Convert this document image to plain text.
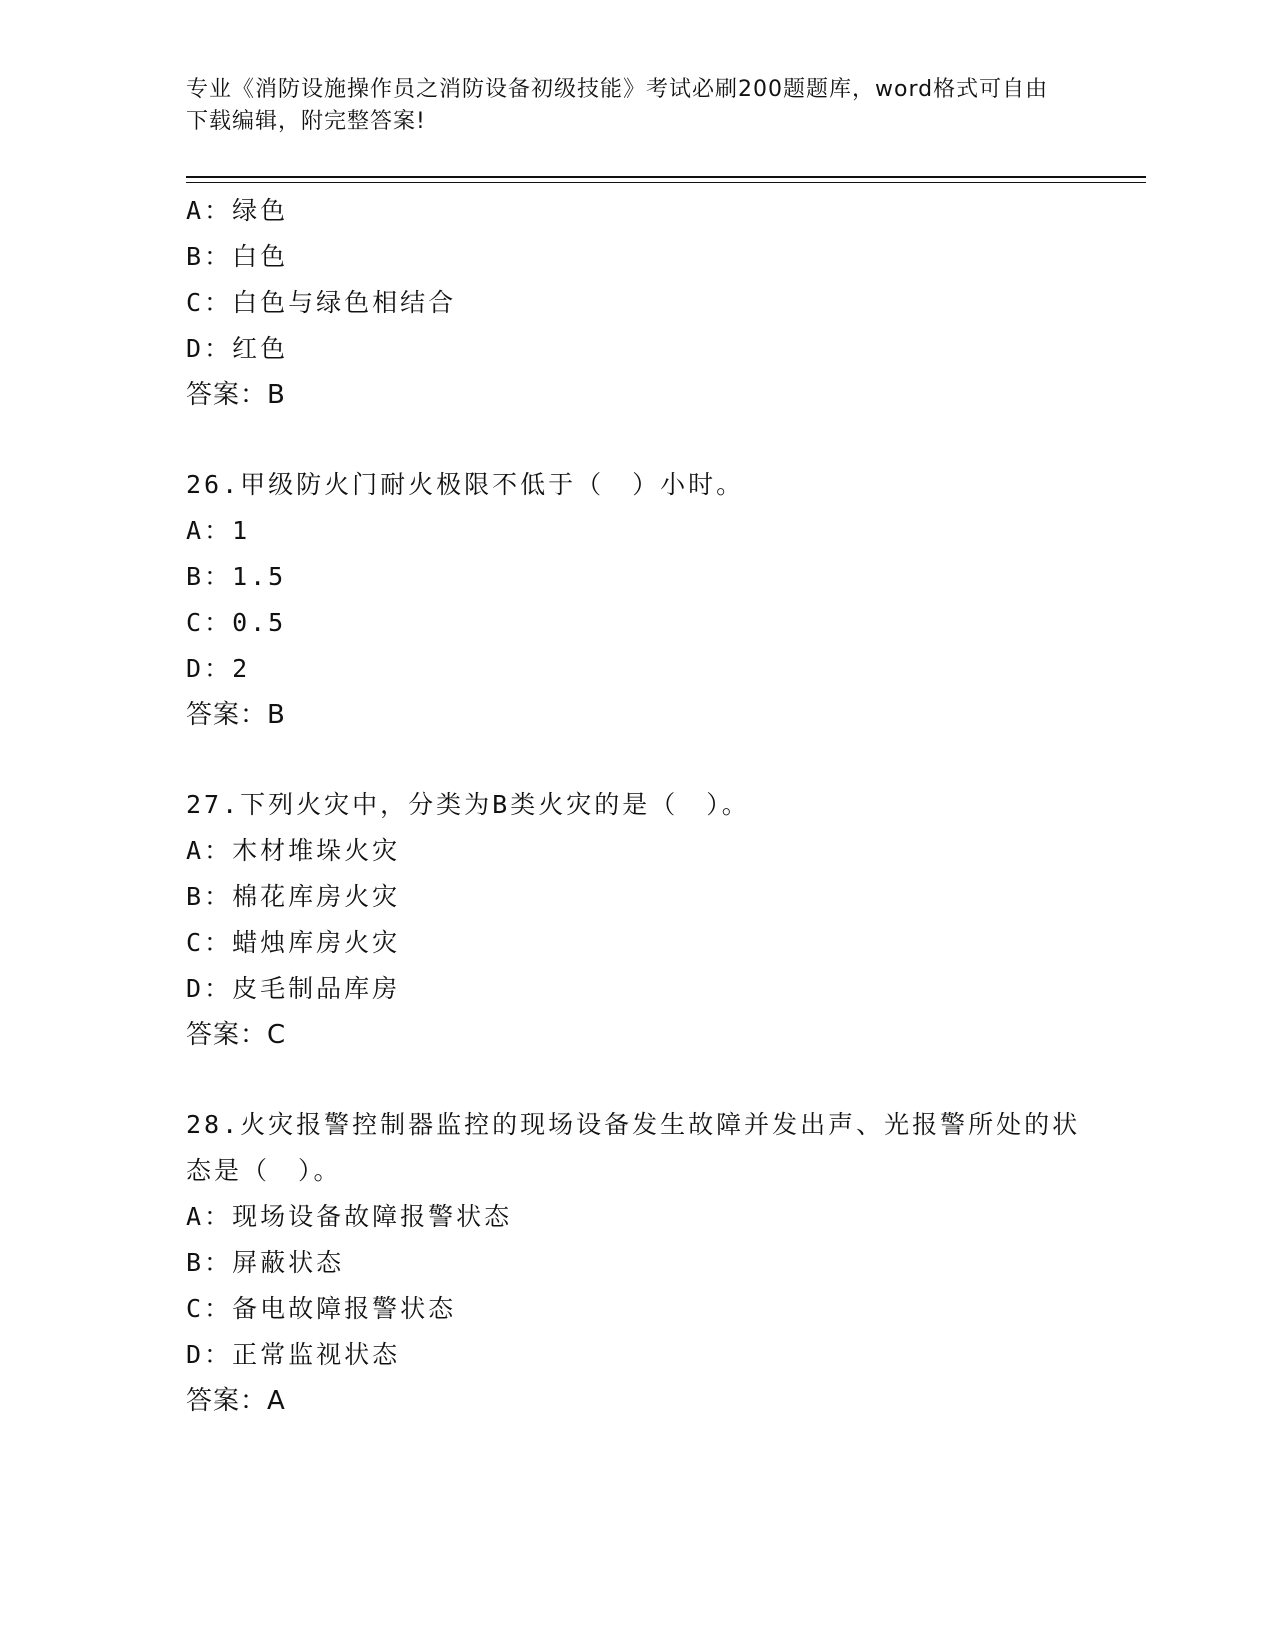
专业《消防设施操作员之消防设备初级技能》考试必刷200题题库，word格式可自由下载编辑，附完整答案!
A：绿色
B：白色
C：白色与绿色相结合
D：红色
答案：B
26.甲级防火门耐火极限不低于（　）小时。
A：1
B：1.5
C：0.5
D：2
答案：B
27.下列火灾中，分类为B类火灾的是（　）。
A：木材堆垛火灾
B：棉花库房火灾
C：蜡烛库房火灾
D：皮毛制品库房
答案：C
28.火灾报警控制器监控的现场设备发生故障并发出声、光报警所处的状态是（　）。
A：现场设备故障报警状态
B：屏蔽状态
C：备电故障报警状态
D：正常监视状态
答案：A
